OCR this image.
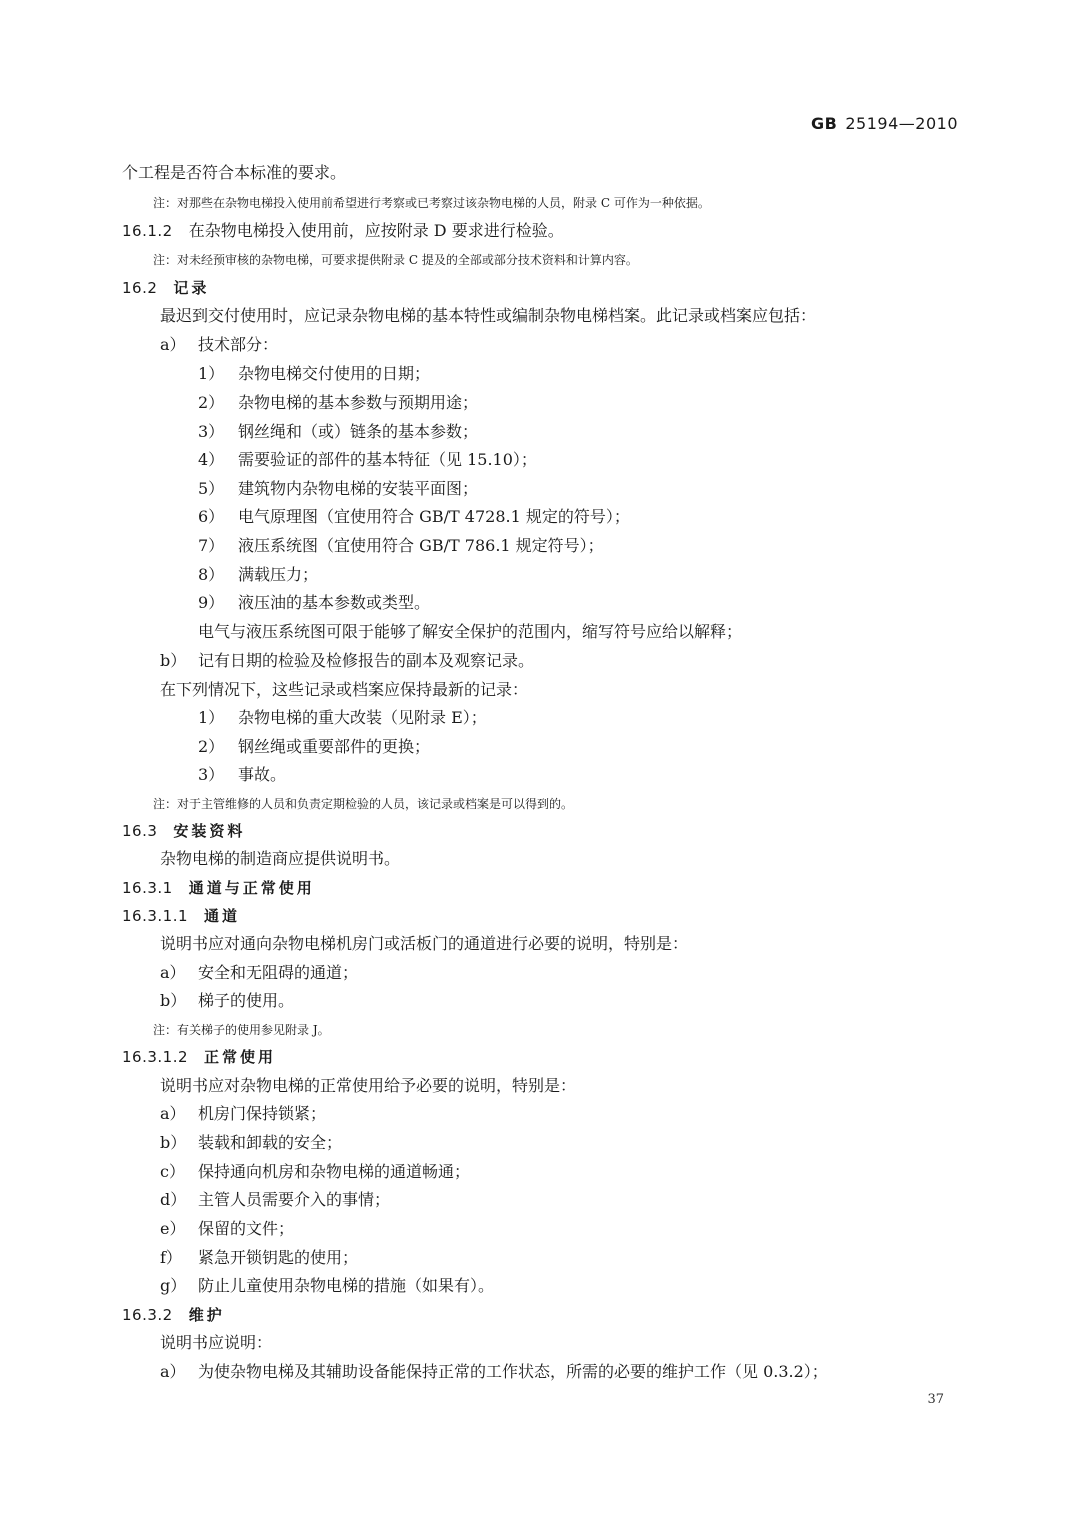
GB 25194—2010
个工程是否符合本标准的要求。
注：对那些在杂物电梯投入使用前希望进行考察或已考察过该杂物电梯的人员，附录 C 可作为一种依据。
16.1.2 在杂物电梯投入使用前，应按附录 D 要求进行检验。
注：对未经预审核的杂物电梯，可要求提供附录 C 提及的全部或部分技术资料和计算内容。
16.2 记录
最迟到交付使用时，应记录杂物电梯的基本特性或编制杂物电梯档案。此记录或档案应包括：
a） 技术部分：
1） 杂物电梯交付使用的日期；
2） 杂物电梯的基本参数与预期用途；
3） 钢丝绳和（或）链条的基本参数；
4） 需要验证的部件的基本特征（见 15.10）；
5） 建筑物内杂物电梯的安装平面图；
6） 电气原理图（宜使用符合 GB/T 4728.1 规定的符号）；
7） 液压系统图（宜使用符合 GB/T 786.1 规定符号）；
8） 满载压力；
9） 液压油的基本参数或类型。
电气与液压系统图可限于能够了解安全保护的范围内，缩写符号应给以解释；
b） 记有日期的检验及检修报告的副本及观察记录。
在下列情况下，这些记录或档案应保持最新的记录：
1） 杂物电梯的重大改装（见附录 E）；
2） 钢丝绳或重要部件的更换；
3） 事故。
注：对于主管维修的人员和负责定期检验的人员，该记录或档案是可以得到的。
16.3 安装资料
杂物电梯的制造商应提供说明书。
16.3.1 通道与正常使用
16.3.1.1 通道
说明书应对通向杂物电梯机房门或活板门的通道进行必要的说明，特别是：
a） 安全和无阻碍的通道；
b） 梯子的使用。
注：有关梯子的使用参见附录 J。
16.3.1.2 正常使用
说明书应对杂物电梯的正常使用给予必要的说明，特别是：
a） 机房门保持锁紧；
b） 装载和卸载的安全；
c） 保持通向机房和杂物电梯的通道畅通；
d） 主管人员需要介入的事情；
e） 保留的文件；
f） 紧急开锁钥匙的使用；
g） 防止儿童使用杂物电梯的措施（如果有）。
16.3.2 维护
说明书应说明：
a） 为使杂物电梯及其辅助设备能保持正常的工作状态，所需的必要的维护工作（见 0.3.2）；
37
